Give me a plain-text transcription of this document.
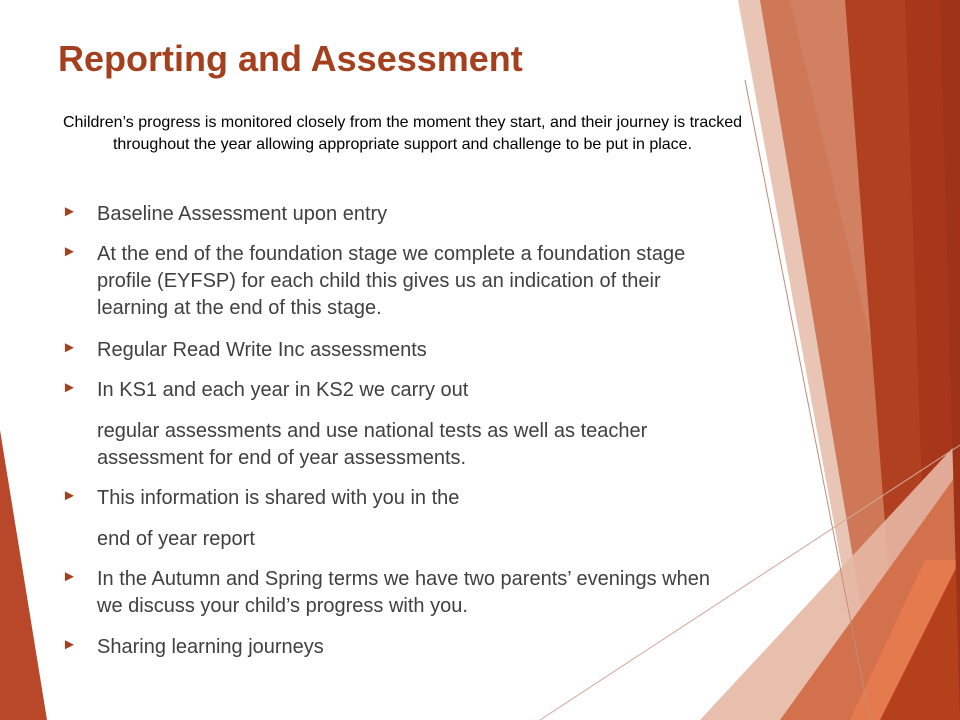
Reporting and Assessment
Children’s progress is monitored closely from the moment they start, and their journey is tracked throughout the year allowing appropriate support and challenge to be put in place.
► Baseline Assessment upon entry
► At the end of the foundation stage we complete a foundation stage profile (EYFSP) for each child this gives us an indication of their learning at the end of this stage.
► Regular Read Write Inc assessments
► In KS1 and each year in KS2 we carry out
regular assessments and use national tests as well as teacher assessment for end of year assessments.
► This information is shared with you in the
end of year report
► In the Autumn and Spring terms we have two parents’ evenings when we discuss your child’s progress with you.
► Sharing learning journeys
